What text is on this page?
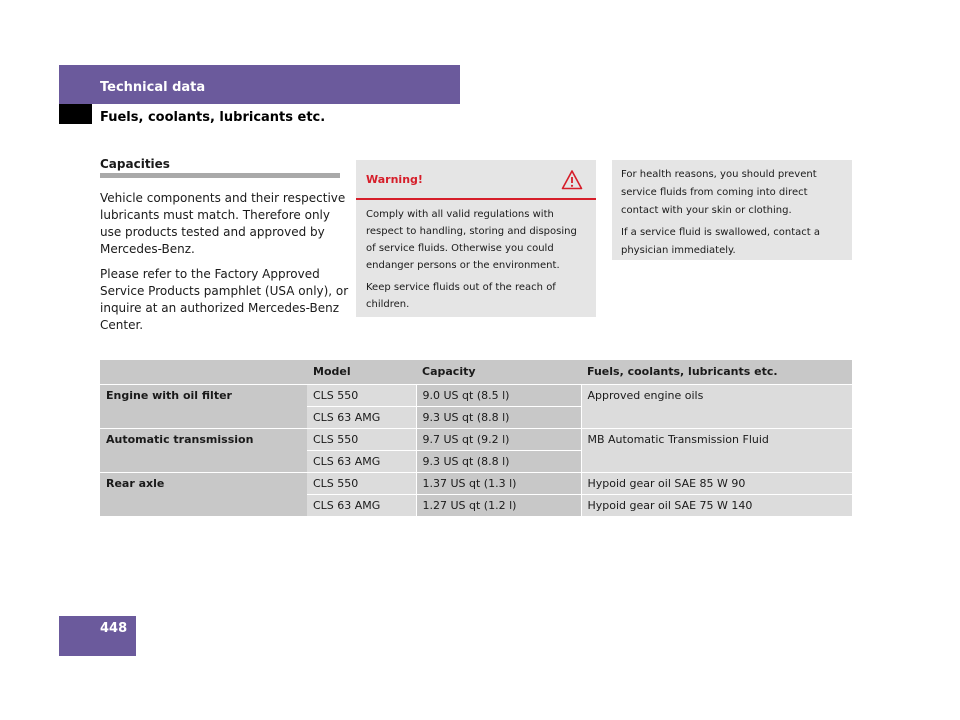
Technical data
Fuels, coolants, lubricants etc.
Capacities

Vehicle components and their respective lubricants must match. Therefore only use products tested and approved by Mercedes-Benz.

Please refer to the Factory Approved Service Products pamphlet (USA only), or inquire at an authorized Mercedes-Benz Center.

Warning!

Comply with all valid regulations with respect to handling, storing and disposing of service fluids. Otherwise you could endanger persons or the environment.

Keep service fluids out of the reach of children.

For health reasons, you should prevent service fluids from coming into direct contact with your skin or clothing.

If a service fluid is swallowed, contact a physician immediately.

	Model	Capacity	Fuels, coolants, lubricants etc.
Engine with oil filter	CLS 550	9.0 US qt (8.5 l)	Approved engine oils
	CLS 63 AMG	9.3 US qt (8.8 l)	
Automatic transmission	CLS 550	9.7 US qt (9.2 l)	MB Automatic Transmission Fluid
	CLS 63 AMG	9.3 US qt (8.8 l)	
Rear axle	CLS 550	1.37 US qt (1.3 l)	Hypoid gear oil SAE 85 W 90
	CLS 63 AMG	1.27 US qt (1.2 l)	Hypoid gear oil SAE 75 W 140
448
